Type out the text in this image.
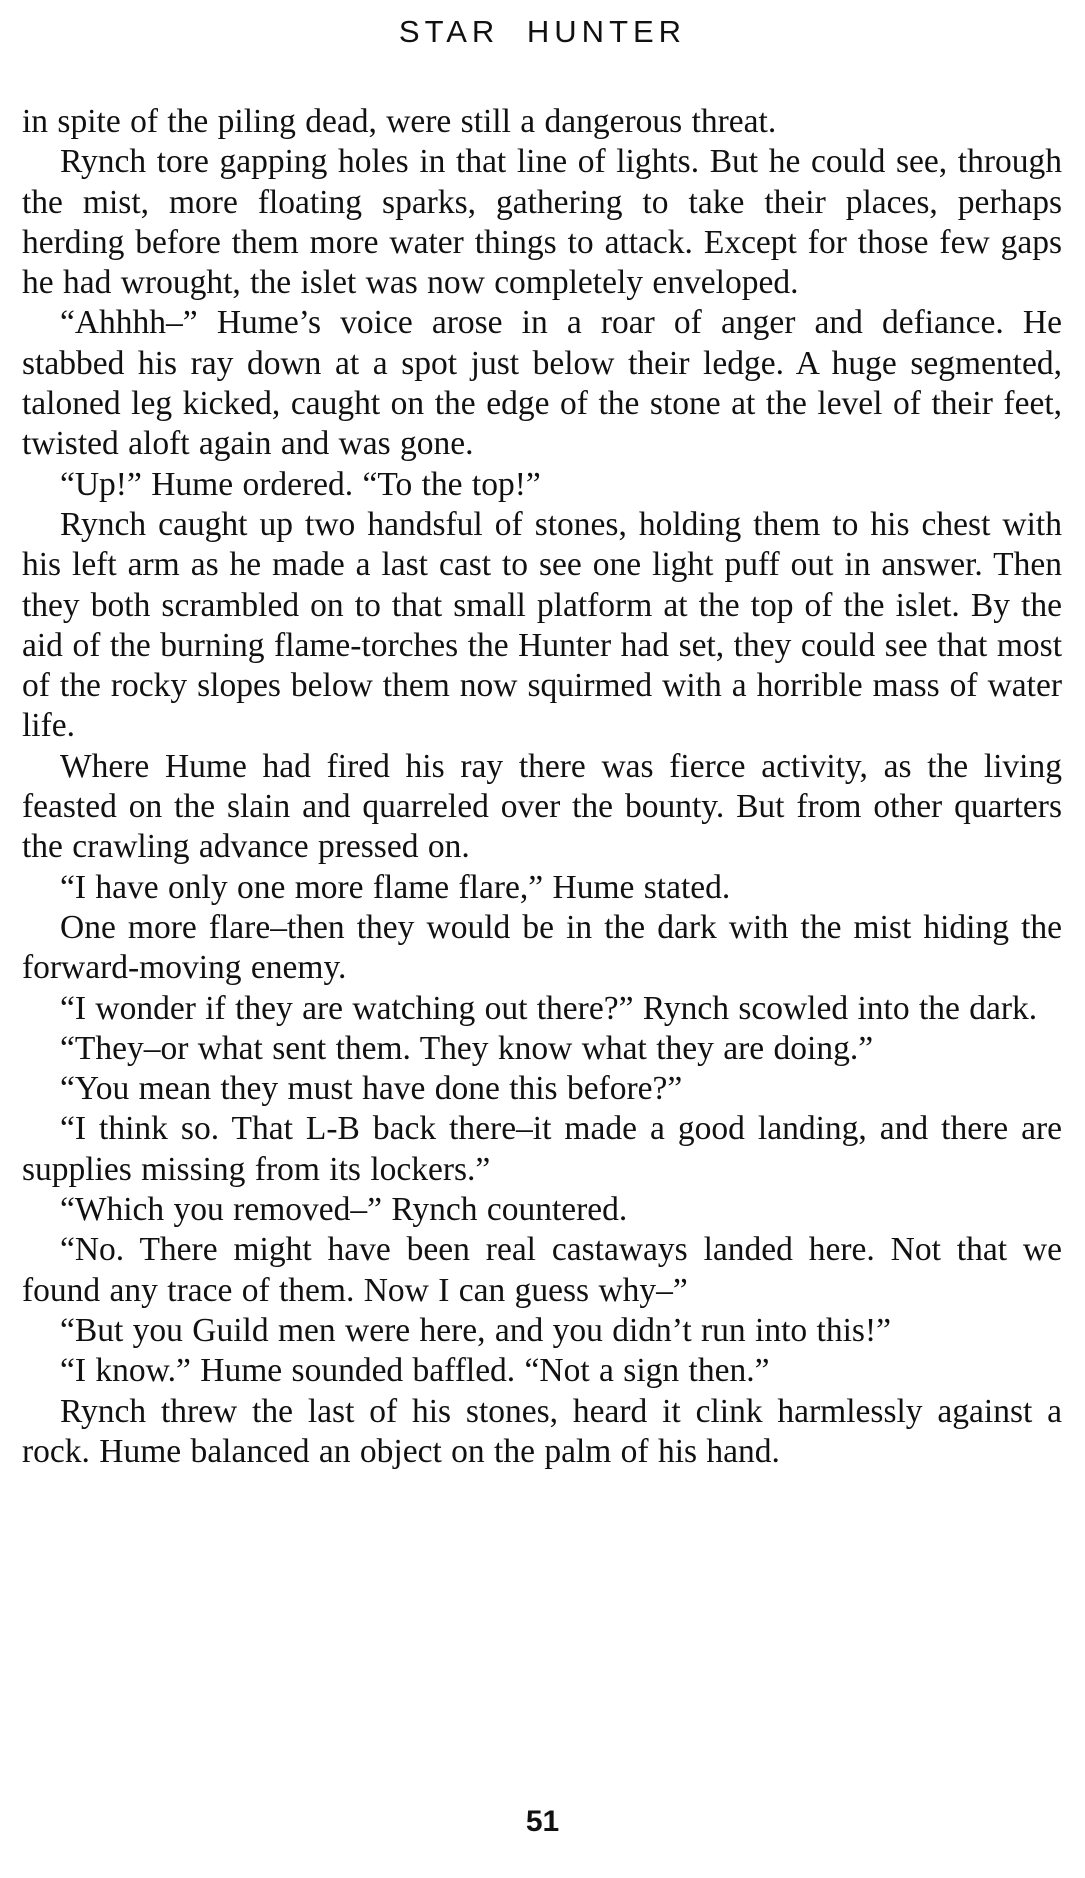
STAR HUNTER

in spite of the piling dead, were still a dangerous threat.

Rynch tore gapping holes in that line of lights. But he could see, through the mist, more floating sparks, gathering to take their places, perhaps herding before them more water things to attack. Except for those few gaps he had wrought, the islet was now completely enveloped.

“Ahhhh–” Hume’s voice arose in a roar of anger and defiance. He stabbed his ray down at a spot just below their ledge. A huge segmented, taloned leg kicked, caught on the edge of the stone at the level of their feet, twisted aloft again and was gone.

“Up!” Hume ordered. “To the top!”

Rynch caught up two handsful of stones, holding them to his chest with his left arm as he made a last cast to see one light puff out in answer. Then they both scrambled on to that small platform at the top of the islet. By the aid of the burning flame-torches the Hunter had set, they could see that most of the rocky slopes below them now squirmed with a horrible mass of water life.

Where Hume had fired his ray there was fierce activity, as the living feasted on the slain and quarreled over the bounty. But from other quarters the crawling advance pressed on.

“I have only one more flame flare,” Hume stated.

One more flare–then they would be in the dark with the mist hiding the forward-moving enemy.

“I wonder if they are watching out there?” Rynch scowled into the dark.

“They–or what sent them. They know what they are doing.”

“You mean they must have done this before?”

“I think so. That L-B back there–it made a good landing, and there are supplies missing from its lockers.”

“Which you removed–” Rynch countered.

“No. There might have been real castaways landed here. Not that we found any trace of them. Now I can guess why–”

“But you Guild men were here, and you didn’t run into this!”

“I know.” Hume sounded baffled. “Not a sign then.”

Rynch threw the last of his stones, heard it clink harmlessly against a rock. Hume balanced an object on the palm of his hand.

51
